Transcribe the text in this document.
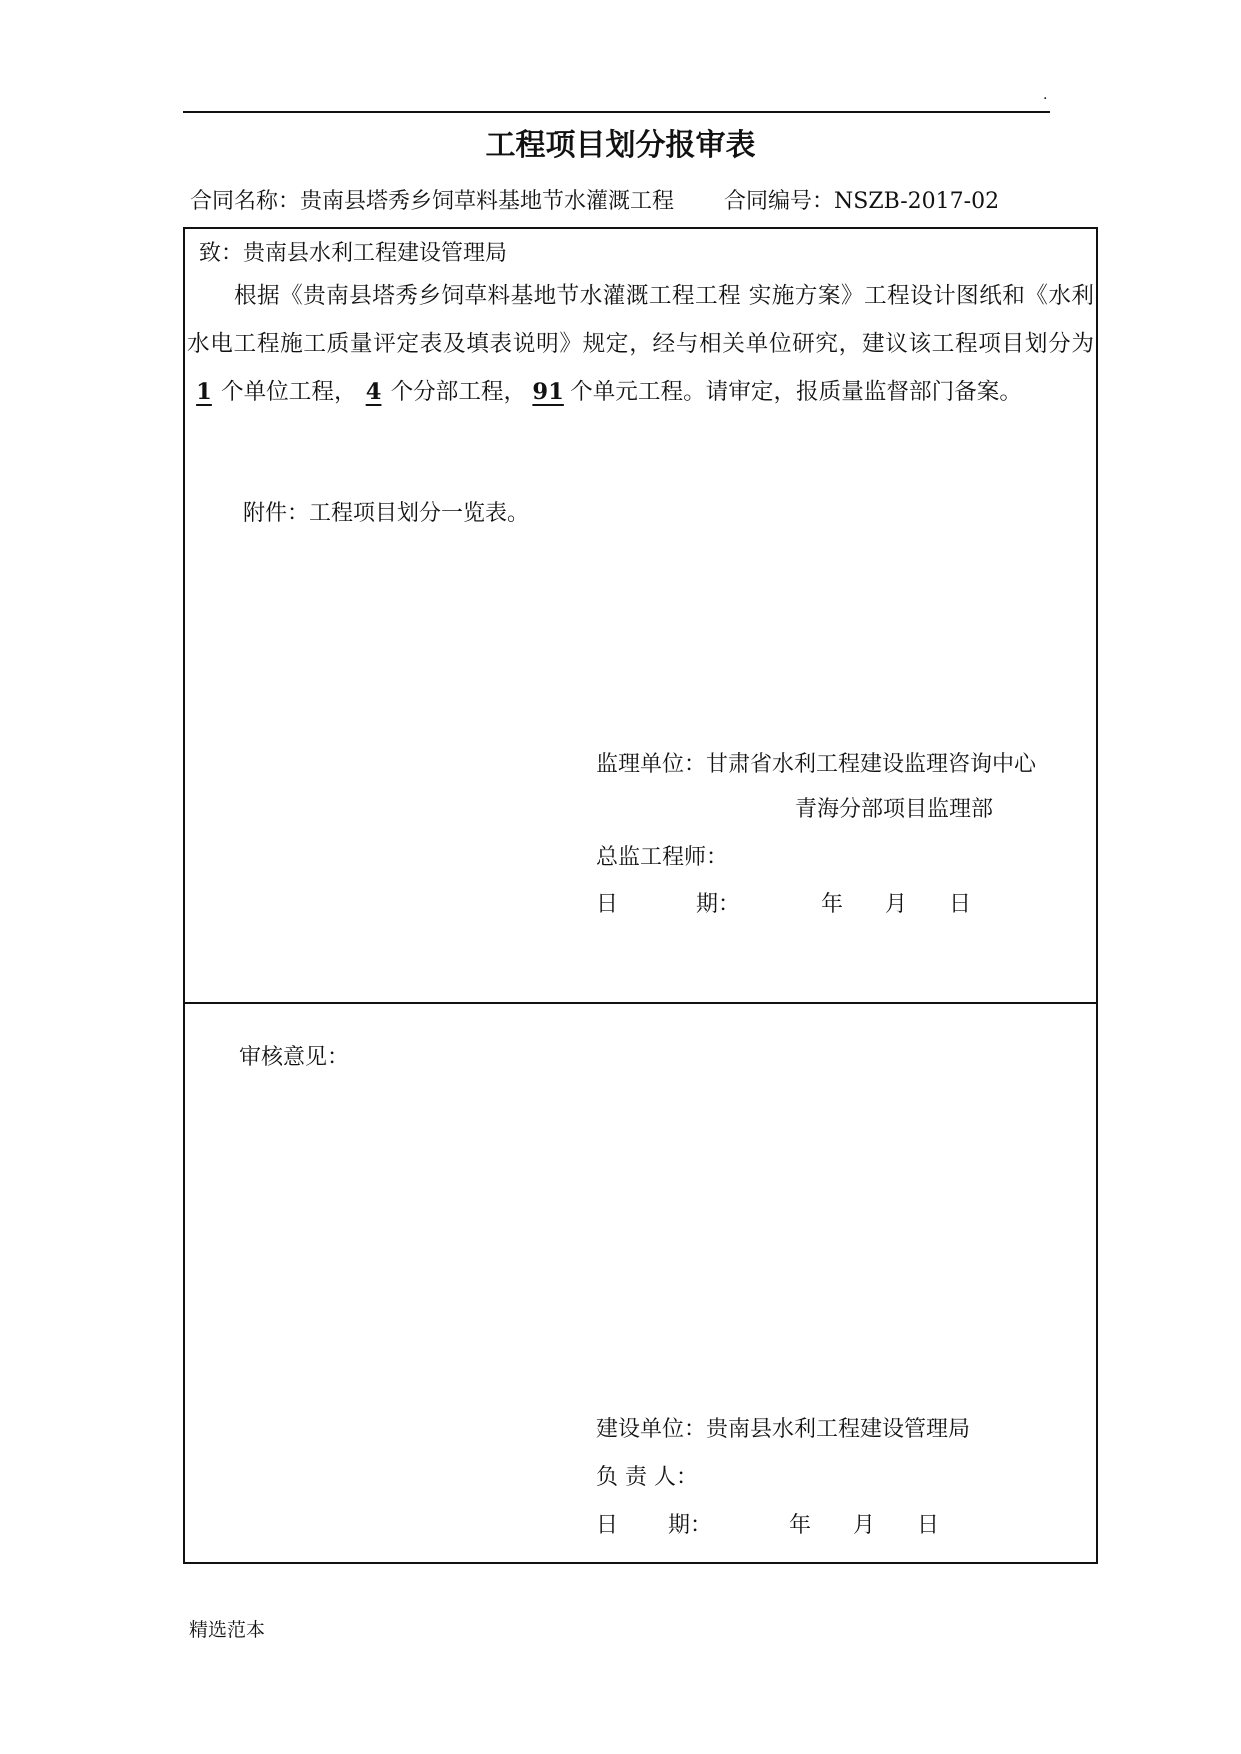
.
工程项目划分报审表
合同名称：贵南县塔秀乡饲草料基地节水灌溉工程 合同编号：NSZB-2017-02
致：贵南县水利工程建设管理局
根据《贵南县塔秀乡饲草料基地节水灌溉工程工程 实施方案》工程设计图纸和《水利水电工程施工质量评定表及填表说明》规定，经与相关单位研究，建议该工程项目划分为1 个单位工程， 4 个分部工程， 91 个单元工程。请审定，报质量监督部门备案。
附件：工程项目划分一览表。
监理单位：甘肃省水利工程建设监理咨询中心
青海分部项目监理部
总监工程师：
日	期：	年 月 日
审核意见：
建设单位：贵南县水利工程建设管理局
负 责 人：
日 期：	年 月 日
精选范本
